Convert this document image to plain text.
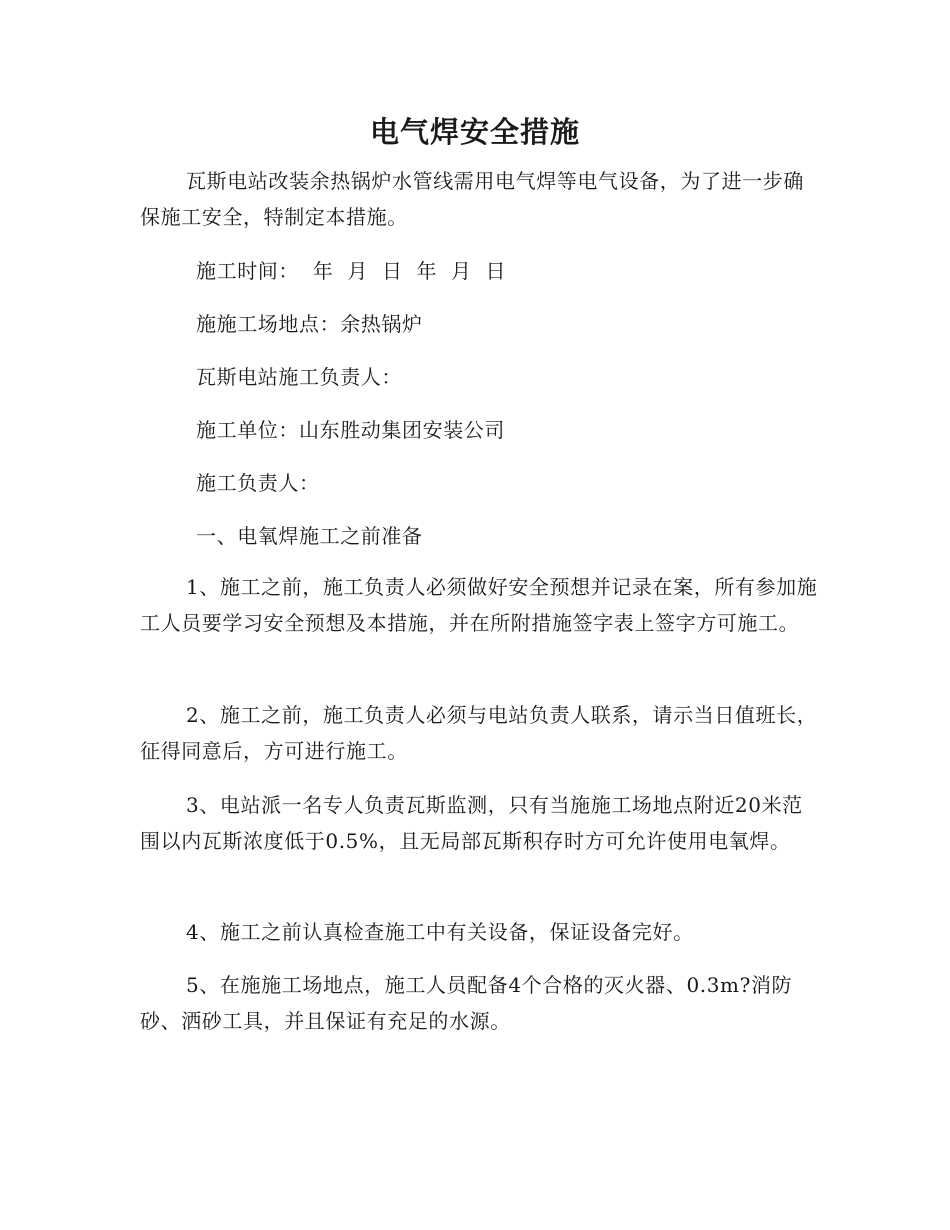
电气焊安全措施
瓦斯电站改装余热锅炉水管线需用电气焊等电气设备，为了进一步确保施工安全，特制定本措施。
施工时间：  年  月  日  年  月  日
施施工场地点：余热锅炉
瓦斯电站施工负责人：
施工单位：山东胜动集团安装公司
施工负责人：
一、电氧焊施工之前准备
1、施工之前，施工负责人必须做好安全预想并记录在案，所有参加施工人员要学习安全预想及本措施，并在所附措施签字表上签字方可施工。
2、施工之前，施工负责人必须与电站负责人联系，请示当日值班长，征得同意后，方可进行施工。
3、电站派一名专人负责瓦斯监测，只有当施施工场地点附近20米范围以内瓦斯浓度低于0.5%，且无局部瓦斯积存时方可允许使用电氧焊。
4、施工之前认真检查施工中有关设备，保证设备完好。
5、在施施工场地点，施工人员配备4个合格的灭火器、0.3m?消防砂、洒砂工具，并且保证有充足的水源。
